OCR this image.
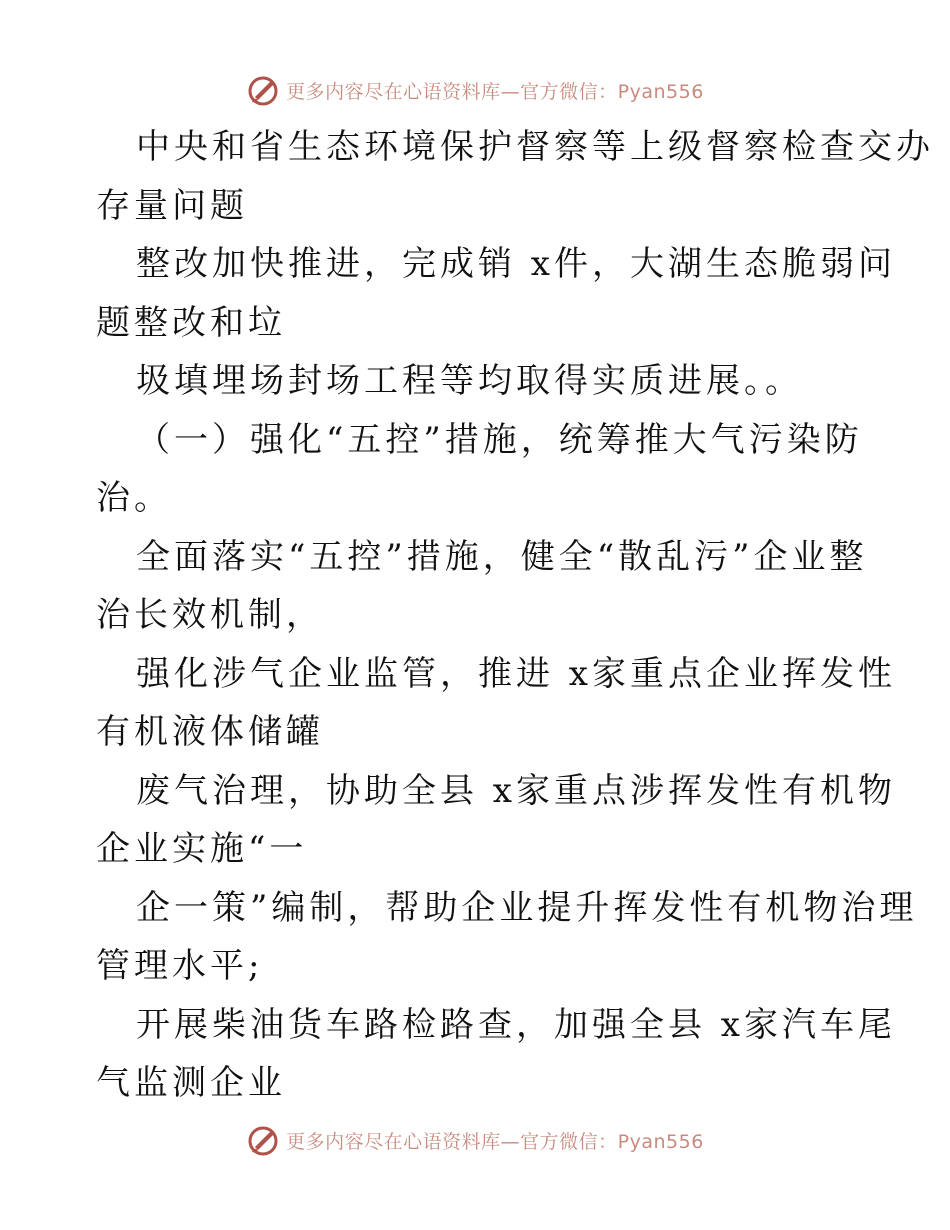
更多内容尽在心语资料库—官方微信：Pyan556
中央和省生态环境保护督察等上级督察检查交办
存量问题
整改加快推进，完成销 x件，大湖生态脆弱问
题整改和垃
圾填埋场封场工程等均取得实质进展。。
（一）强化“五控”措施，统筹推大气污染防
治。
全面落实“五控”措施，健全“散乱污”企业整
治长效机制，
强化涉气企业监管，推进 x家重点企业挥发性
有机液体储罐
废气治理，协助全县 x家重点涉挥发性有机物
企业实施“一
企一策”编制，帮助企业提升挥发性有机物治理
管理水平;
开展柴油货车路检路查，加强全县 x家汽车尾
气监测企业
更多内容尽在心语资料库—官方微信：Pyan556
